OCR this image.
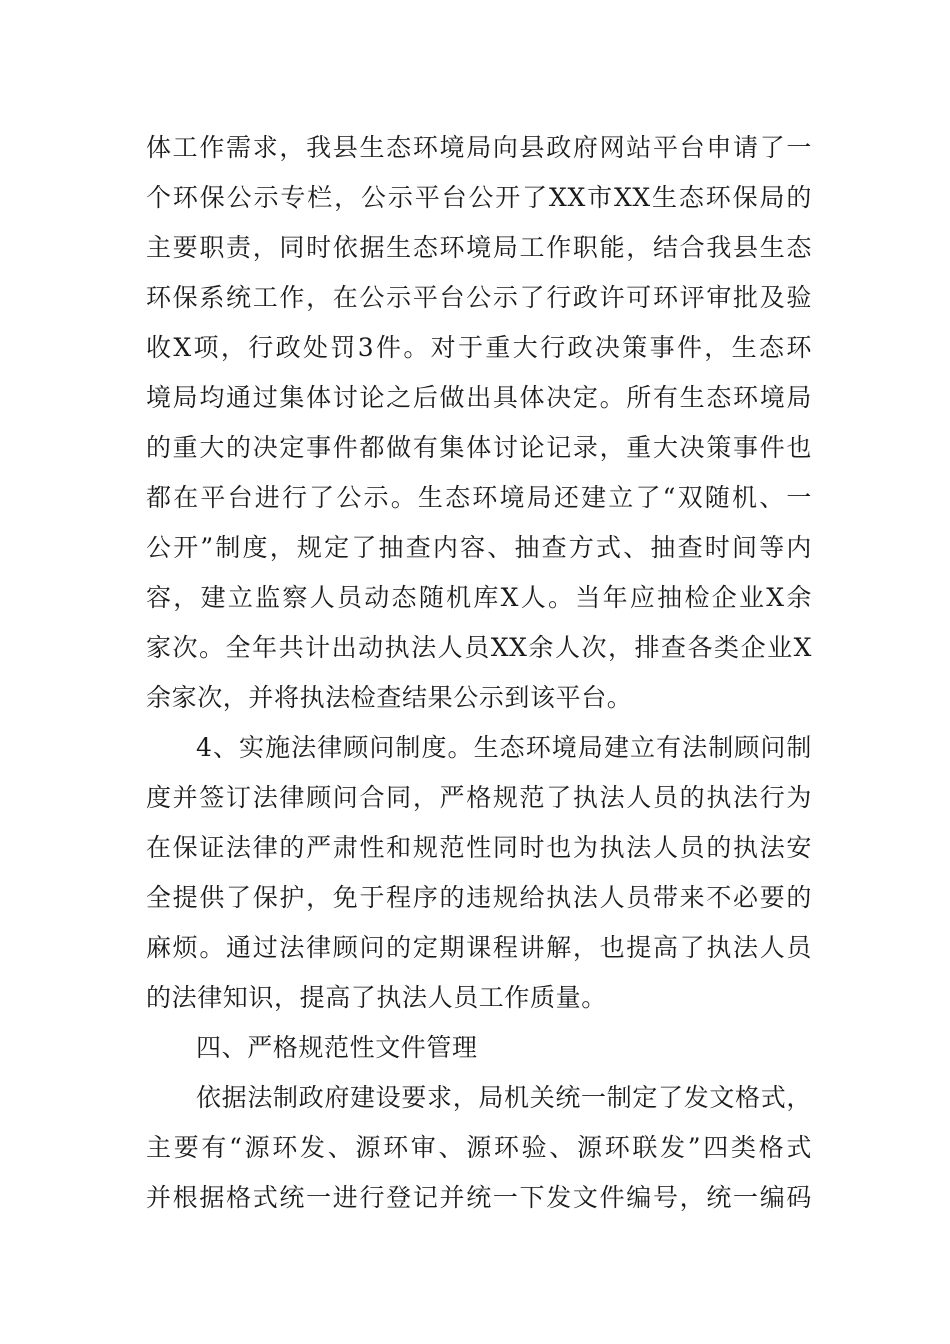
体工作需求，我县生态环境局向县政府网站平台申请了一
个环保公示专栏，公示平台公开了XX市XX生态环保局的
主要职责，同时依据生态环境局工作职能，结合我县生态
环保系统工作，在公示平台公示了行政许可环评审批及验
收X项，行政处罚3件。对于重大行政决策事件，生态环
境局均通过集体讨论之后做出具体决定。所有生态环境局
的重大的决定事件都做有集体讨论记录，重大决策事件也
都在平台进行了公示。生态环境局还建立了“双随机、一
公开”制度，规定了抽查内容、抽查方式、抽查时间等内
容，建立监察人员动态随机库X人。当年应抽检企业X余
家次。全年共计出动执法人员XX余人次，排查各类企业X
余家次，并将执法检查结果公示到该平台。
4、实施法律顾问制度。生态环境局建立有法制顾问制
度并签订法律顾问合同，严格规范了执法人员的执法行为
在保证法律的严肃性和规范性同时也为执法人员的执法安
全提供了保护，免于程序的违规给执法人员带来不必要的
麻烦。通过法律顾问的定期课程讲解，也提高了执法人员
的法律知识，提高了执法人员工作质量。
四、严格规范性文件管理
依据法制政府建设要求，局机关统一制定了发文格式，
主要有“源环发、源环审、源环验、源环联发”四类格式
并根据格式统一进行登记并统一下发文件编号，统一编码
